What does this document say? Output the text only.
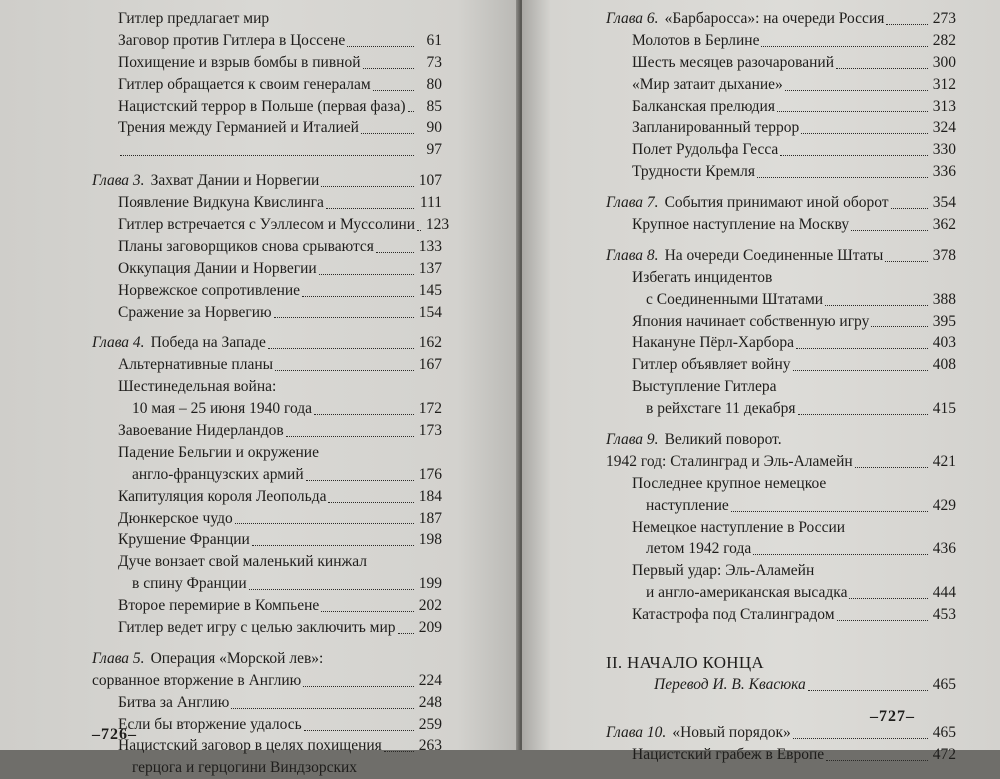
Гитлер предлагает мир
Заговор против Гитлера в Цоссене	61
Похищение и взрыв бомбы в пивной	73
Гитлер обращается к своим генералам	80
Нацистский террор в Польше (первая фаза)	85
Трения между Германией и Италией	90
97
Глава 3. Захват Дании и Норвегии	107
Появление Видкуна Квислинга	111
Гитлер встречается с Уэллесом и Муссолини 123
Планы заговорщиков снова срываются	133
Оккупация Дании и Норвегии	137
Норвежское сопротивление	145
Сражение за Норвегию	154
Глава 4. Победа на Западе	162
Альтернативные планы	167
Шестинедельная война:
10 мая – 25 июня 1940 года	172
Завоевание Нидерландов	173
Падение Бельгии и окружение
англо-французских армий	176
Капитуляция короля Леопольда	184
Дюнкерское чудо	187
Крушение Франции	198
Дуче вонзает свой маленький кинжал
в спину Франции	199
Второе перемирие в Компьене	202
Гитлер ведет игру с целью заключить мир 209
Глава 5. Операция «Морской лев»:
сорванное вторжение в Англию	224
Битва за Англию	248
Если бы вторжение удалось	259
Нацистский заговор в целях похищения 263
герцога и герцогини Виндзорских
–726–
Глава 6. «Барбаросса»: на очереди Россия	273
Молотов в Берлине	282
Шесть месяцев разочарований	300
«Мир затаит дыхание»	312
Балканская прелюдия	313
Запланированный террор	324
Полет Рудольфа Гесса	330
Трудности Кремля	336
Глава 7. События принимают иной оборот	354
Крупное наступление на Москву	362
Глава 8. На очереди Соединенные Штаты	378
Избегать инцидентов
с Соединенными Штатами	388
Япония начинает собственную игру	395
Накануне Пёрл-Харбора	403
Гитлер объявляет войну	408
Выступление Гитлера
в рейхстаге 11 декабря	415
Глава 9. Великий поворот.
1942 год: Сталинград и Эль-Аламейн	421
Последнее крупное немецкое
наступление	429
Немецкое наступление в России
летом 1942 года	436
Первый удар: Эль-Аламейн
и англо-американская высадка	444
Катастрофа под Сталинградом	453
II. НАЧАЛО КОНЦА
Перевод И. В. Квасюка	465
Глава 10. «Новый порядок»	465
Нацистский грабеж в Европе	472
–727–
